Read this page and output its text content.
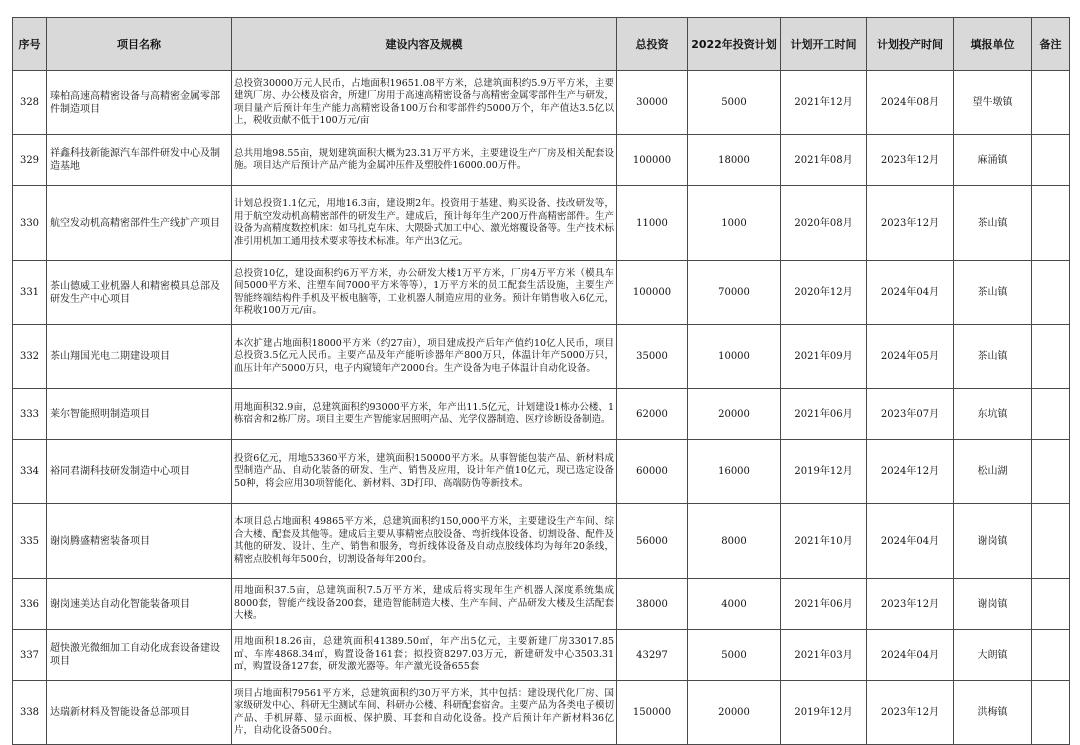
序号	项目名称	建设内容及规模	总投资	2022年投资计划	计划开工时间	计划投产时间	填报单位	备注
328	瑧柏高速高精密设备与高精密金属零部件制造项目	总投资30000万元人民币，占地面积19651.08平方米，总建筑面积约5.9万平方米，主要建筑厂房、办公楼及宿舍，所建厂房用于高速高精密设备与高精密金属零部件生产与研发，项目量产后预计年生产能力高精密设备100万台和零部件约5000万个，年产值达3.5亿以上，税收贡献不低于100万元/亩	30000	5000	2021年12月	2024年08月	望牛墩镇	
329	祥鑫科技新能源汽车部件研发中心及制造基地	总共用地98.55亩，规划建筑面积大概为23.31万平方米，主要建设生产厂房及相关配套设施。项目达产后预计产品产能为金属冲压件及塑胶件16000.00万件。	100000	18000	2021年08月	2023年12月	麻涌镇	
330	航空发动机高精密部件生产线扩产项目	计划总投资1.1亿元，用地16.3亩，建设期2年。投资用于基建、购买设备、技改研发等，用于航空发动机高精密部件的研发生产。建成后，预计每年生产200万件高精密部件。生产设备为高精度数控机床：如马扎克车床、大隈卧式加工中心、激光熔覆设备等。生产技术标准引用机加工通用技术要求等技术标准。年产出3亿元。	11000	1000	2020年08月	2023年12月	茶山镇	
331	茶山德威工业机器人和精密模具总部及研发生产中心项目	总投资10亿，建设面积约6万平方米，办公研发大楼1万平方米，厂房4万平方米（模具车间5000平方米、注塑车间7000平方米等等），1万平方米的员工配套生活设施，主要生产智能终端结构件手机及平板电脑等，工业机器人制造应用的业务。预计年销售收入6亿元，年税收100万元/亩。	100000	70000	2020年12月	2024年04月	茶山镇	
332	茶山翔国光电二期建设项目	本次扩建占地面积18000平方米（约27亩），项目建成投产后年产值约10亿人民币，项目总投资3.5亿元人民币。主要产品及年产能听诊器年产800万只，体温计年产5000万只，血压计年产5000万只，电子内窥镜年产2000台。生产设备为电子体温计自动化设备。	35000	10000	2021年09月	2024年05月	茶山镇	
333	莱尔智能照明制造项目	用地面积32.9亩，总建筑面积约93000平方米，年产出11.5亿元，计划建设1栋办公楼、1栋宿舍和2栋厂房。项目主要生产智能家居照明产品、光学仪器制造、医疗诊断设备制造。	62000	20000	2021年06月	2023年07月	东坑镇	
334	裕同君湖科技研发制造中心项目	投资6亿元，用地53360平方米，建筑面积150000平方米。从事智能包装产品、新材料成型制造产品、自动化装备的研发、生产、销售及应用，设计年产值10亿元，现已选定设备50种，将会应用30项智能化、新材料、3D打印、高端防伪等新技术。	60000	16000	2019年12月	2024年12月	松山湖	
335	谢岗腾盛精密装备项目	本项目总占地面积 49865平方米，总建筑面积约150,000平方米，主要建设生产车间、综合大楼、配套及其他等。建成后主要从事精密点胶设备、弯折线体设备、切割设备、配件及其他的研发、设计、生产、销售和服务，弯折线体设备及自动点胶线体均为每年20条线，精密点胶机每年500台，切割设备每年200台。	56000	8000	2021年10月	2024年04月	谢岗镇	
336	谢岗速美达自动化智能装备项目	用地面积37.5亩，总建筑面积7.5万平方米，建成后将实现年生产机器人深度系统集成8000套，智能产线设备200套，建造智能制造大楼、生产车间、产品研发大楼及生活配套大楼。	38000	4000	2021年06月	2023年12月	谢岗镇	
337	超快激光微细加工自动化成套设备建设项目	用地面积18.26亩，总建筑面积41389.50㎡，年产出5亿元，主要新建厂房33017.85㎡、车库4868.34㎡，购置设备161套；拟投资8297.03万元，新建研发中心3503.31㎡，购置设备127套，研发激光器等。年产激光设备655套	43297	5000	2021年03月	2024年04月	大朗镇	
338	达瑞新材料及智能设备总部项目	项目占地面积79561平方米，总建筑面积约30万平方米，其中包括：建设现代化厂房、国家级研发中心、科研无尘测试车间、科研办公楼、科研配套宿舍。主要产品为各类电子模切产品、手机屏幕、显示面板、保护膜、耳套和自动化设备。投产后预计年产新材料36亿片，自动化设备500台。	150000	20000	2019年12月	2023年12月	洪梅镇	
